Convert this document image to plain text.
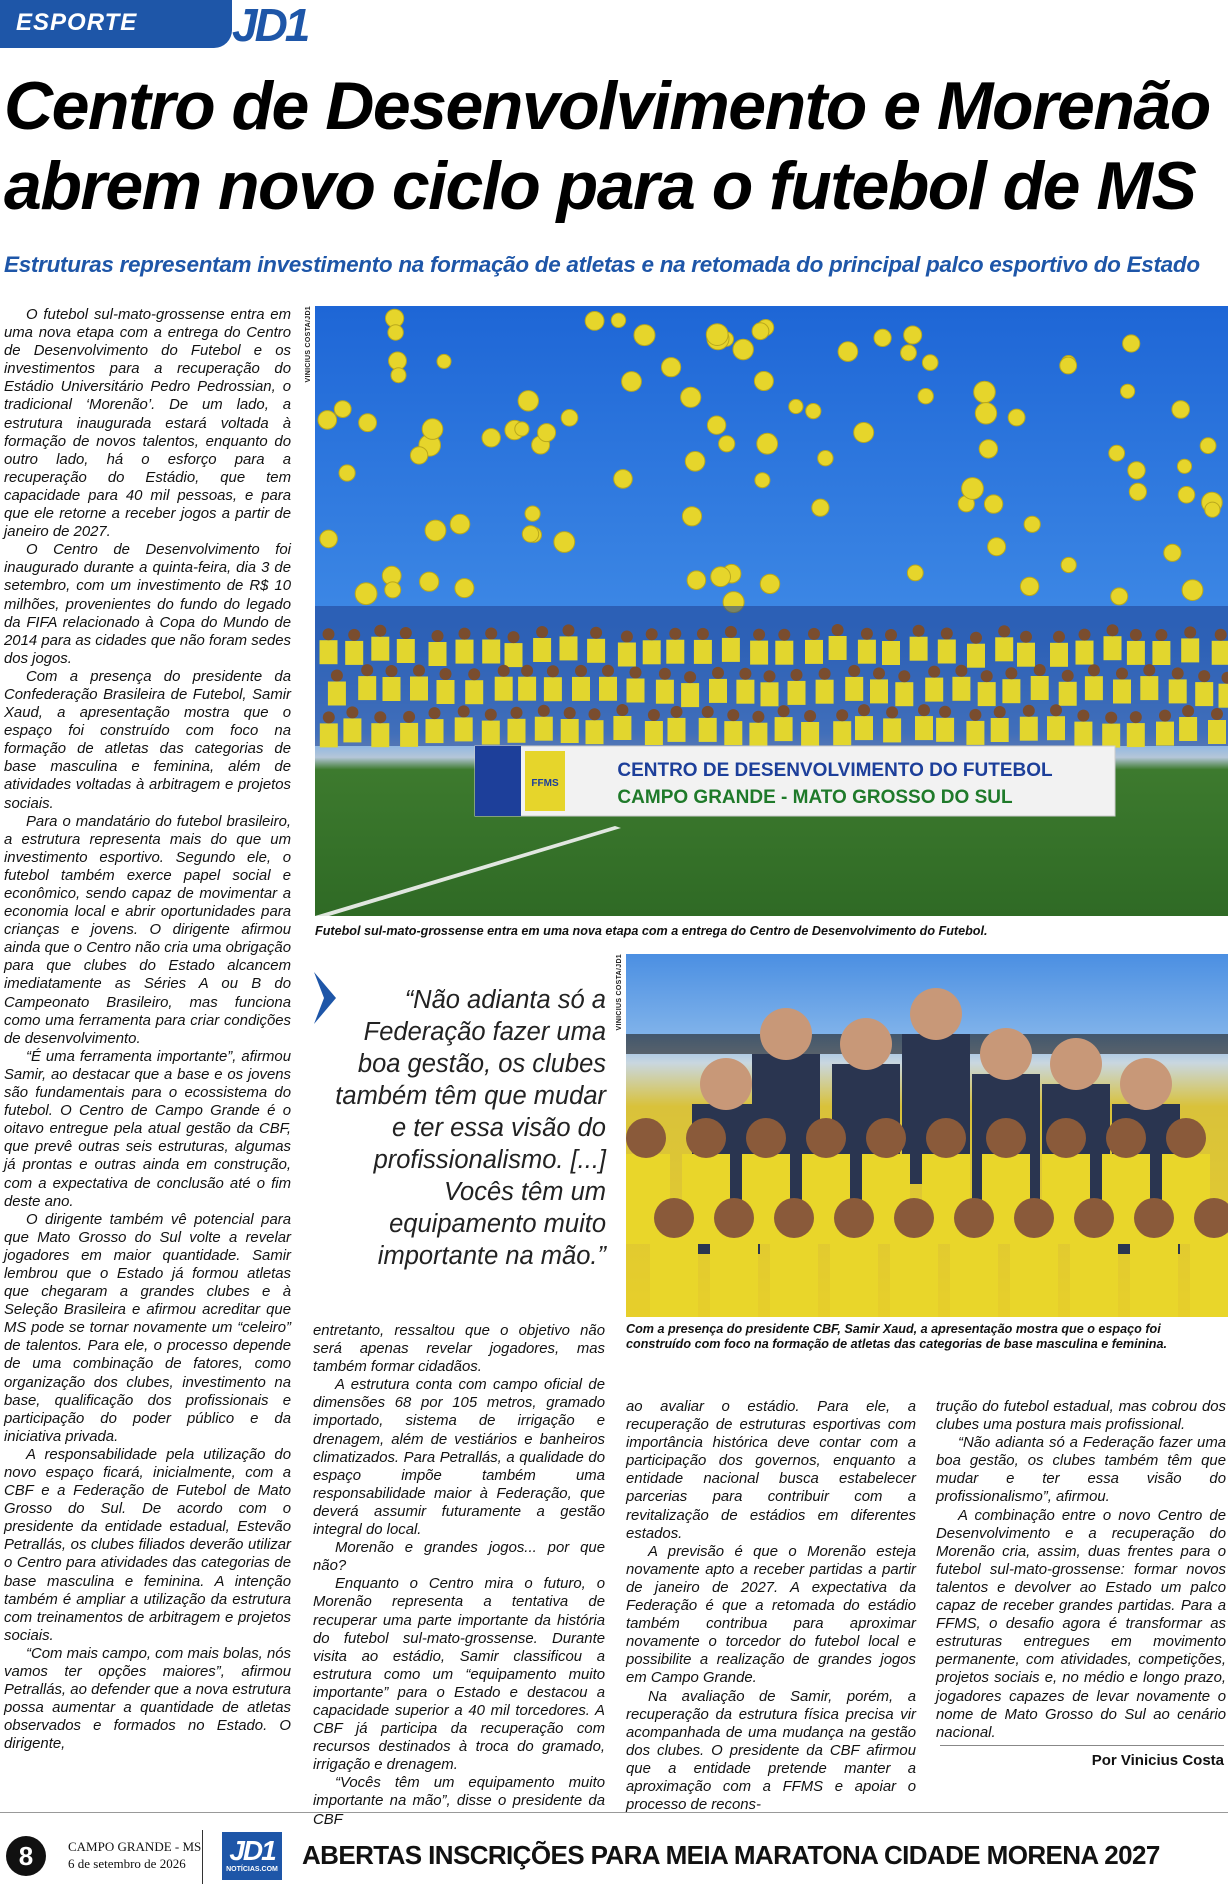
ESPORTE	JD1
Centro de Desenvolvimento e Morenão
abrem novo ciclo para o futebol de MS
Estruturas representam investimento na formação de atletas e na retomada do principal palco esportivo do Estado

O futebol sul-mato-grossense entra em uma nova etapa com a entrega do Centro de Desenvolvimento do Futebol e os investimentos para a recuperação do Estádio Universitário Pedro Pedrossian, o tradicional ‘Morenão’. De um lado, a estrutura inaugurada estará voltada à formação de novos talentos, enquanto do outro lado, há o esforço para a recuperação do Estádio, que tem capacidade para 40 mil pessoas, e para que ele retorne a receber jogos a partir de janeiro de 2027.

O Centro de Desenvolvimento foi inaugurado durante a quinta-feira, dia 3 de setembro, com um investimento de R$ 10 milhões, provenientes do fundo do legado da FIFA relacionado à Copa do Mundo de 2014 para as cidades que não foram sedes dos jogos.

Com a presença do presidente da Confederação Brasileira de Futebol, Samir Xaud, a apresentação mostra que o espaço foi construído com foco na formação de atletas das categorias de base masculina e feminina, além de atividades voltadas à arbitragem e projetos sociais.

Para o mandatário do futebol brasileiro, a estrutura representa mais do que um investimento esportivo. Segundo ele, o futebol também exerce papel social e econômico, sendo capaz de movimentar a economia local e abrir oportunidades para crianças e jovens. O dirigente afirmou ainda que o Centro não cria uma obrigação para que clubes do Estado alcancem imediatamente as Séries A ou B do Campeonato Brasileiro, mas funciona como uma ferramenta para criar condições de desenvolvimento.

“É uma ferramenta importante”, afirmou Samir, ao destacar que a base e os jovens são fundamentais para o ecossistema do futebol. O Centro de Campo Grande é o oitavo entregue pela atual gestão da CBF, que prevê outras seis estruturas, algumas já prontas e outras ainda em construção, com a expectativa de conclusão até o fim deste ano.

O dirigente também vê potencial para que Mato Grosso do Sul volte a revelar jogadores em maior quantidade. Samir lembrou que o Estado já formou atletas que chegaram a grandes clubes e à Seleção Brasileira e afirmou acreditar que MS pode se tornar novamente um “celeiro” de talentos. Para ele, o processo depende de uma combinação de fatores, como organização dos clubes, investimento na base, qualificação dos profissionais e participação do poder público e da iniciativa privada.

A responsabilidade pela utilização do novo espaço ficará, inicialmente, com a CBF e a Federação de Futebol de Mato Grosso do Sul. De acordo com o presidente da entidade estadual, Estevão Petrallás, os clubes filiados deverão utilizar o Centro para atividades das categorias de base masculina e feminina. A intenção também é ampliar a utilização da estrutura com treinamentos de arbitragem e projetos sociais.

“Com mais campo, com mais bolas, nós vamos ter opções maiores”, afirmou Petrallás, ao defender que a nova estrutura possa aumentar a quantidade de atletas observados e formados no Estado. O dirigente,

FFMS
CENTRO DE DESENVOLVIMENTO DO FUTEBOL
CAMPO GRANDE - MATO GROSSO DO SUL
VINICIUS COSTA/JD1
Futebol sul-mato-grossense entra em uma nova etapa com a entrega do Centro de Desenvolvimento do Futebol.
“Não adianta só a Federação fazer uma boa gestão, os clubes também têm que mudar e ter essa visão do profissionalismo. [...] Vocês têm um equipamento muito importante na mão.”
VINICIUS COSTA/JD1
Com a presença do presidente CBF, Samir Xaud, a apresentação mostra que o espaço foi construído com foco na formação de atletas das categorias de base masculina e feminina.

entretanto, ressaltou que o objetivo não será apenas revelar jogadores, mas também formar cidadãos.

A estrutura conta com campo oficial de dimensões 68 por 105 metros, gramado importado, sistema de irrigação e drenagem, além de vestiários e banheiros climatizados. Para Petrallás, a qualidade do espaço impõe também uma responsabilidade maior à Federação, que deverá assumir futuramente a gestão integral do local.

Morenão e grandes jogos... por que não?

Enquanto o Centro mira o futuro, o Morenão representa a tentativa de recuperar uma parte importante da história do futebol sul-mato-grossense. Durante visita ao estádio, Samir classificou a estrutura como um “equipamento muito importante” para o Estado e destacou a capacidade superior a 40 mil torcedores. A CBF já participa da recuperação com recursos destinados à troca do gramado, irrigação e drenagem.

“Vocês têm um equipamento muito importante na mão”, disse o presidente da CBF

ao avaliar o estádio. Para ele, a recuperação de estruturas esportivas com importância histórica deve contar com a participação dos governos, enquanto a entidade nacional busca estabelecer parcerias para contribuir com a revitalização de estádios em diferentes estados.

A previsão é que o Morenão esteja novamente apto a receber partidas a partir de janeiro de 2027. A expectativa da Federação é que a retomada do estádio também contribua para aproximar novamente o torcedor do futebol local e possibilite a realização de grandes jogos em Campo Grande.

Na avaliação de Samir, porém, a recuperação da estrutura física precisa vir acompanhada de uma mudança na gestão dos clubes. O presidente da CBF afirmou que a entidade pretende manter a aproximação com a FFMS e apoiar o processo de recons-

trução do futebol estadual, mas cobrou dos clubes uma postura mais profissional.

“Não adianta só a Federação fazer uma boa gestão, os clubes também têm que mudar e ter essa visão do profissionalismo”, afirmou.

A combinação entre o novo Centro de Desenvolvimento e a recuperação do Morenão cria, assim, duas frentes para o futebol sul-mato-grossense: formar novos talentos e devolver ao Estado um palco capaz de receber grandes partidas. Para a FFMS, o desafio agora é transformar as estruturas entregues em movimento permanente, com atividades, competições, projetos sociais e, no médio e longo prazo, jogadores capazes de levar novamente o nome de Mato Grosso do Sul ao cenário nacional.

Por Vinicius Costa
8	CAMPO GRANDE - MS
6 de setembro de 2026	JD1
NOTÍCIAS.COM ABERTAS INSCRIÇÕES PARA MEIA MARATONA CIDADE MORENA 2027
